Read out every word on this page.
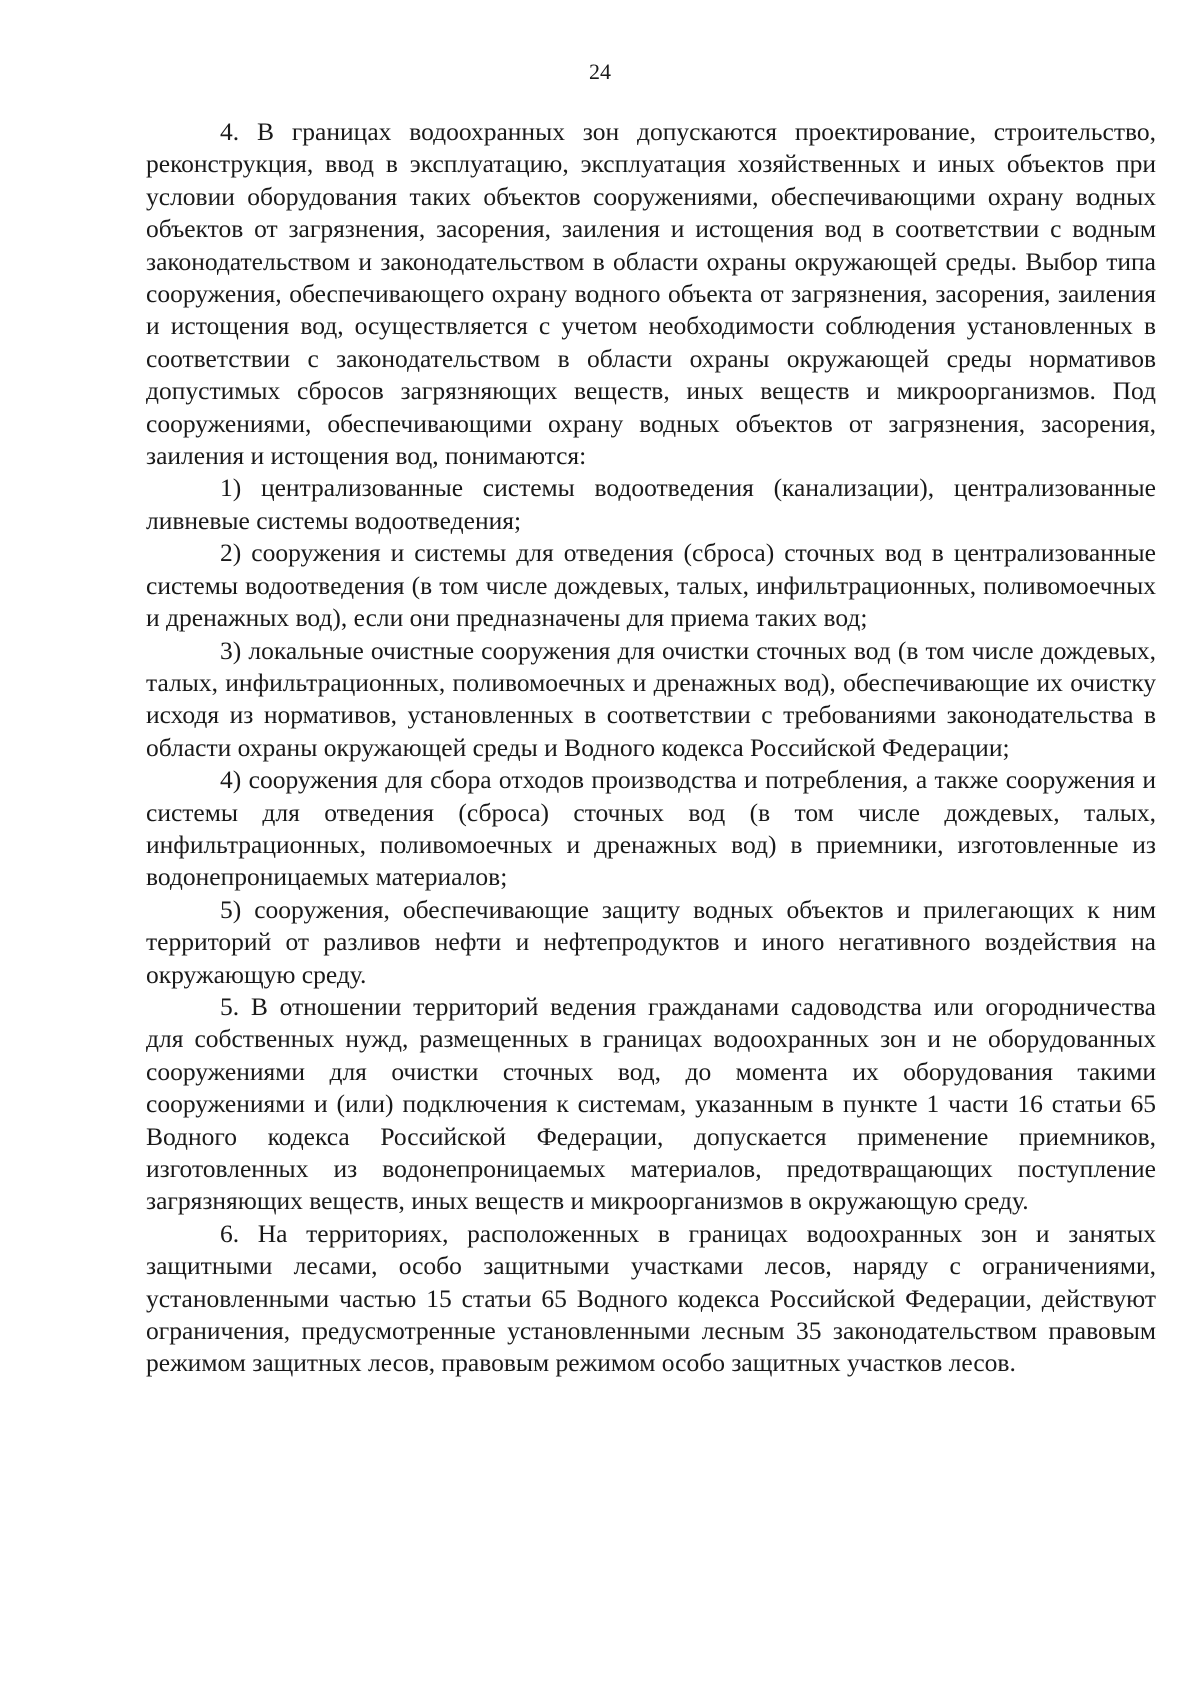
24

4. В границах водоохранных зон допускаются проектирование, строительство, реконструкция, ввод в эксплуатацию, эксплуатация хозяйственных и иных объектов при условии оборудования таких объектов сооружениями, обеспечивающими охрану водных объектов от загрязнения, засорения, заиления и истощения вод в соответствии с водным законодательством и законодательством в области охраны окружающей среды. Выбор типа сооружения, обеспечивающего охрану водного объекта от загрязнения, засорения, заиления и истощения вод, осуществляется с учетом необходимости соблюдения установленных в соответствии с законодательством в области охраны окружающей среды нормативов допустимых сбросов загрязняющих веществ, иных веществ и микроорганизмов. Под сооружениями, обеспечивающими охрану водных объектов от загрязнения, засорения, заиления и истощения вод, понимаются:

1) централизованные системы водоотведения (канализации), централизованные ливневые системы водоотведения;

2) сооружения и системы для отведения (сброса) сточных вод в централизованные системы водоотведения (в том числе дождевых, талых, инфильтрационных, поливомоечных и дренажных вод), если они предназначены для приема таких вод;

3) локальные очистные сооружения для очистки сточных вод (в том числе дождевых, талых, инфильтрационных, поливомоечных и дренажных вод), обеспечивающие их очистку исходя из нормативов, установленных в соответствии с требованиями законодательства в области охраны окружающей среды и Водного кодекса Российской Федерации;

4) сооружения для сбора отходов производства и потребления, а также сооружения и системы для отведения (сброса) сточных вод (в том числе дождевых, талых, инфильтрационных, поливомоечных и дренажных вод) в приемники, изготовленные из водонепроницаемых материалов;

5) сооружения, обеспечивающие защиту водных объектов и прилегающих к ним территорий от разливов нефти и нефтепродуктов и иного негативного воздействия на окружающую среду.

5. В отношении территорий ведения гражданами садоводства или огородничества для собственных нужд, размещенных в границах водоохранных зон и не оборудованных сооружениями для очистки сточных вод, до момента их оборудования такими сооружениями и (или) подключения к системам, указанным в пункте 1 части 16 статьи 65 Водного кодекса Российской Федерации, допускается применение приемников, изготовленных из водонепроницаемых материалов, предотвращающих поступление загрязняющих веществ, иных веществ и микроорганизмов в окружающую среду.

6. На территориях, расположенных в границах водоохранных зон и занятых защитными лесами, особо защитными участками лесов, наряду с ограничениями, установленными частью 15 статьи 65 Водного кодекса Российской Федерации, действуют ограничения, предусмотренные установленными лесным 35 законодательством правовым режимом защитных лесов, правовым режимом особо защитных участков лесов.
